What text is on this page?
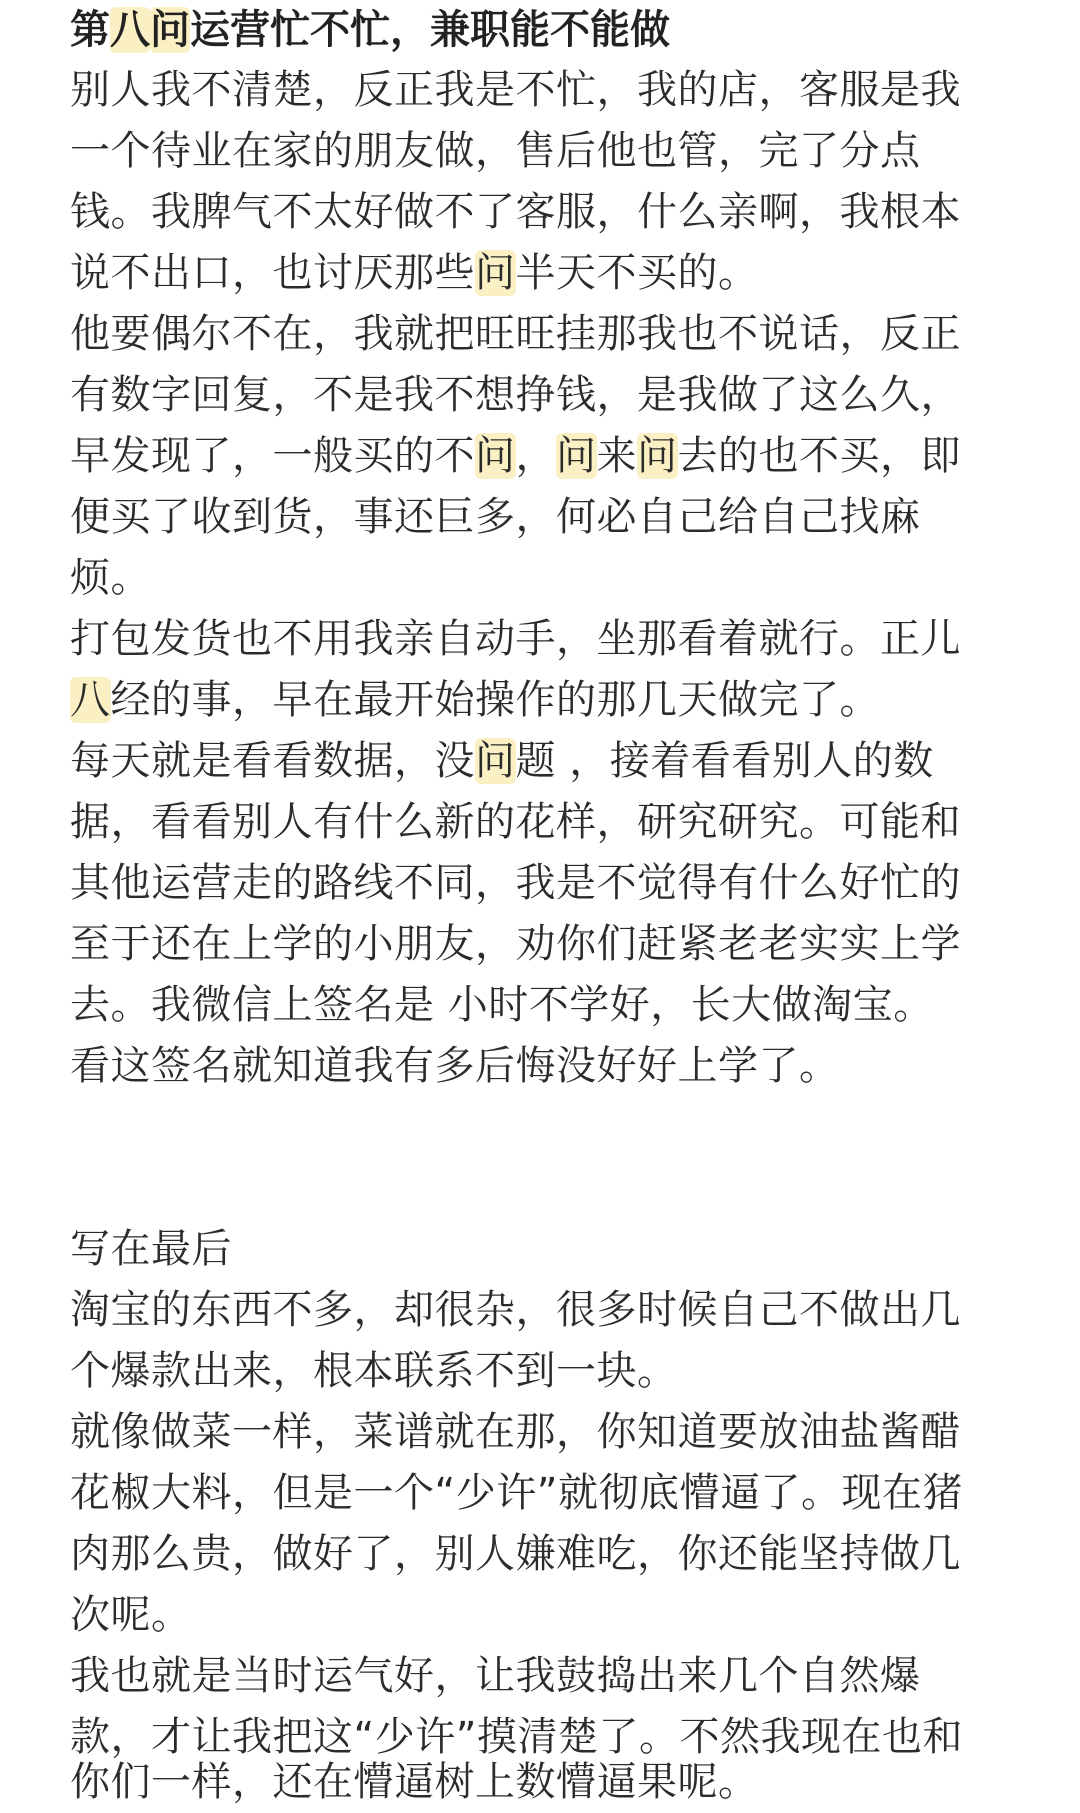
第八问运营忙不忙，兼职能不能做
别人我不清楚，反正我是不忙，我的店，客服是我
一个待业在家的朋友做，售后他也管，完了分点
钱。我脾气不太好做不了客服，什么亲啊，我根本
说不出口，也讨厌那些问半天不买的。
他要偶尔不在，我就把旺旺挂那我也不说话，反正
有数字回复，不是我不想挣钱，是我做了这么久，
早发现了，一般买的不问，问来问去的也不买，即
便买了收到货，事还巨多，何必自己给自己找麻
烦。
打包发货也不用我亲自动手，坐那看着就行。正儿
八经的事，早在最开始操作的那几天做完了。
每天就是看看数据，没问题 ，接着看看别人的数
据，看看别人有什么新的花样，研究研究。可能和
其他运营走的路线不同，我是不觉得有什么好忙的
至于还在上学的小朋友，劝你们赶紧老老实实上学
去。我微信上签名是 小时不学好，长大做淘宝。
看这签名就知道我有多后悔没好好上学了。
写在最后
淘宝的东西不多，却很杂，很多时候自己不做出几
个爆款出来，根本联系不到一块。
就像做菜一样，菜谱就在那，你知道要放油盐酱醋
花椒大料，但是一个“少许”就彻底懵逼了。现在猪
肉那么贵，做好了，别人嫌难吃，你还能坚持做几
次呢。
我也就是当时运气好，让我鼓捣出来几个自然爆
款，才让我把这“少许”摸清楚了。不然我现在也和
你们一样，还在懵逼树上数懵逼果呢。
